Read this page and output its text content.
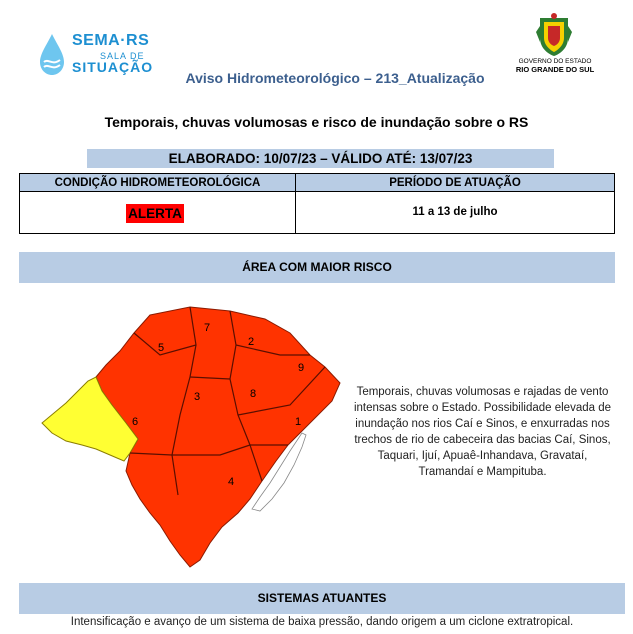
SEMA·RS
SALA DE
SITUAÇÃO
Aviso Hidrometeorológico – 213_Atualização
GOVERNO DO ESTADO
RIO GRANDE DO SUL
Temporais, chuvas volumosas e risco de inundação sobre o RS
ELABORADO: 10/07/23 – VÁLIDO ATÉ: 13/07/23
CONDIÇÃO HIDROMETEOROLÓGICA	PERÍODO DE ATUAÇÃO
ALERTA	11 a 13 de julho
ÁREA COM MAIOR RISCO
1
2
3
4
5
6
7
8
9
Temporais, chuvas volumosas e rajadas de vento intensas sobre o Estado. Possibilidade elevada de inundação nos rios Caí e Sinos, e enxurradas nos trechos de rio de cabeceira das bacias Caí, Sinos, Taquari, Ijuí, Apuaê-Inhandava, Gravataí, Tramandaí e Mampituba.
SISTEMAS ATUANTES
Intensificação e avanço de um sistema de baixa pressão, dando origem a um ciclone extratropical.
